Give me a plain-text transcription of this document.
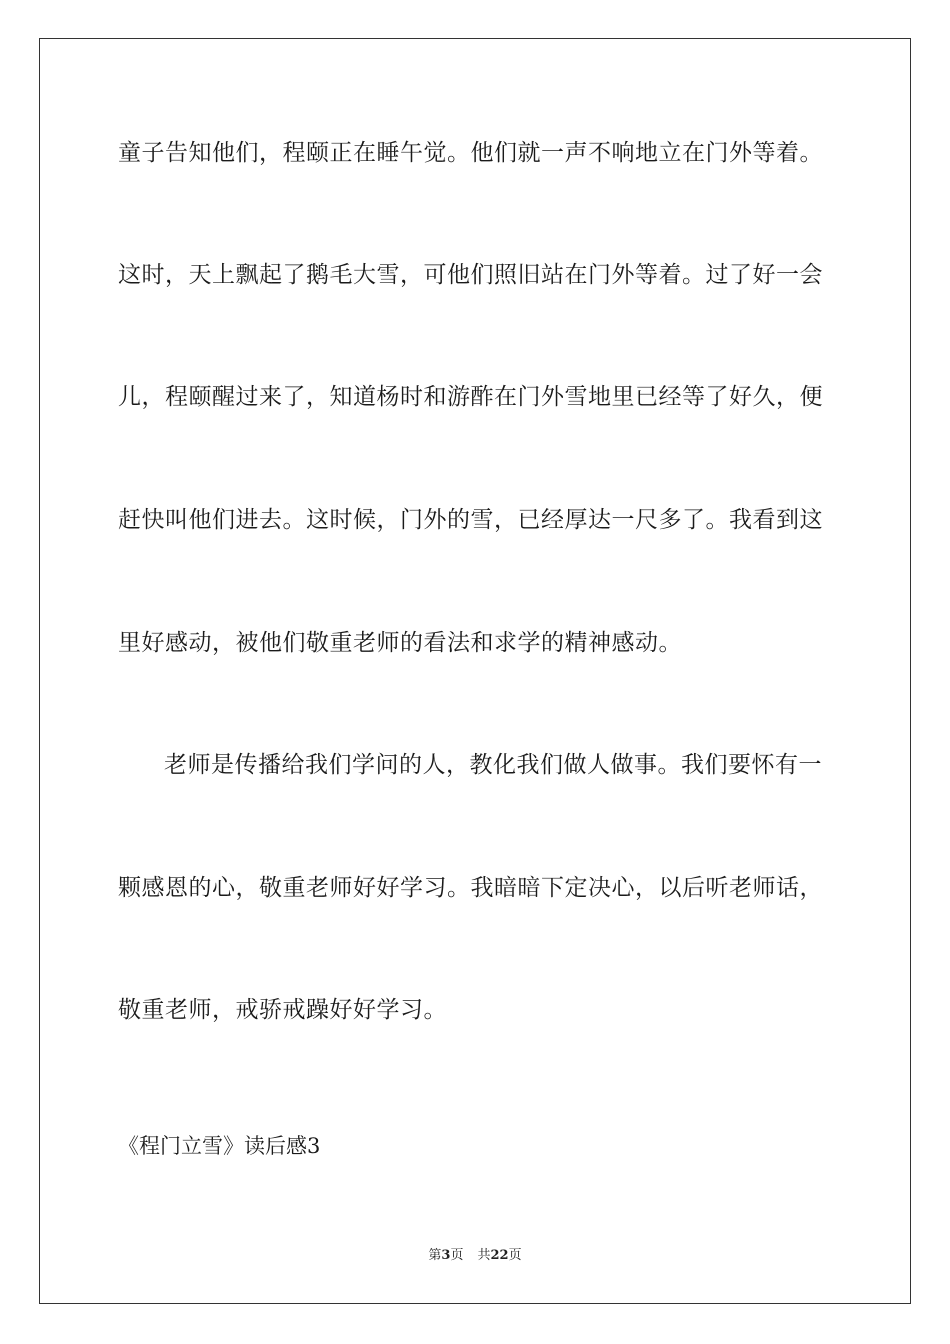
童子告知他们，程颐正在睡午觉。他们就一声不响地立在门外等着。
这时，天上飘起了鹅毛大雪，可他们照旧站在门外等着。过了好一会
儿，程颐醒过来了，知道杨时和游酢在门外雪地里已经等了好久，便
赶快叫他们进去。这时候，门外的雪，已经厚达一尺多了。我看到这
里好感动，被他们敬重老师的看法和求学的精神感动。
老师是传播给我们学问的人，教化我们做人做事。我们要怀有一
颗感恩的心，敬重老师好好学习。我暗暗下定决心，以后听老师话，
敬重老师，戒骄戒躁好好学习。
《程门立雪》读后感3
第3页 共22页
